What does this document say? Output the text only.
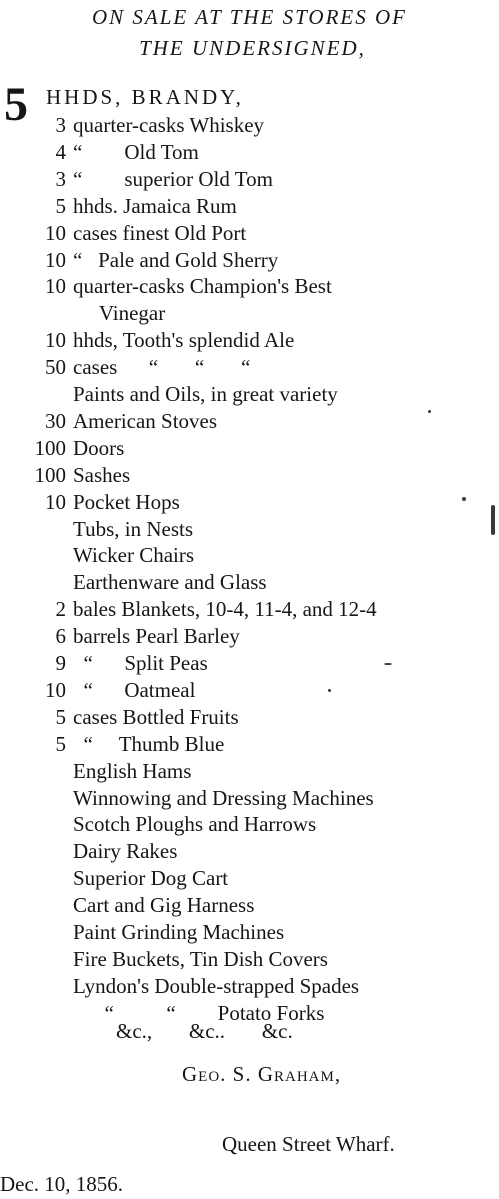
ON SALE AT THE STORES OF
THE UNDERSIGNED,
5 HHDS, BRANDY,
3 quarter-casks Whiskey
4 “        Old Tom
3 “        superior Old Tom
5 hhds. Jamaica Rum
10 cases finest Old Port
10 “   Pale and Gold Sherry
10 quarter-casks Champion's Best
Vinegar
10 hhds, Tooth's splendid Ale
50 cases      “       “       “
Paints and Oils, in great variety
30 American Stoves
100 Doors
100 Sashes
10 Pocket Hops
Tubs, in Nests
Wicker Chairs
Earthenware and Glass
2 bales Blankets, 10-4, 11-4, and 12-4
6 barrels Pearl Barley
9 “      Split Peas
10 “      Oatmeal
5 cases Bottled Fruits
5 “     Thumb Blue
English Hams
Winnowing and Dressing Machines
Scotch Ploughs and Harrows
Dairy Rakes
Superior Dog Cart
Cart and Gig Harness
Paint Grinding Machines
Fire Buckets, Tin Dish Covers
Lyndon's Double-strapped Spades
“          “        Potato Forks
&c.,       &c..       &c.
Geo. S. Graham,
Queen Street Wharf.
Dec. 10, 1856.
